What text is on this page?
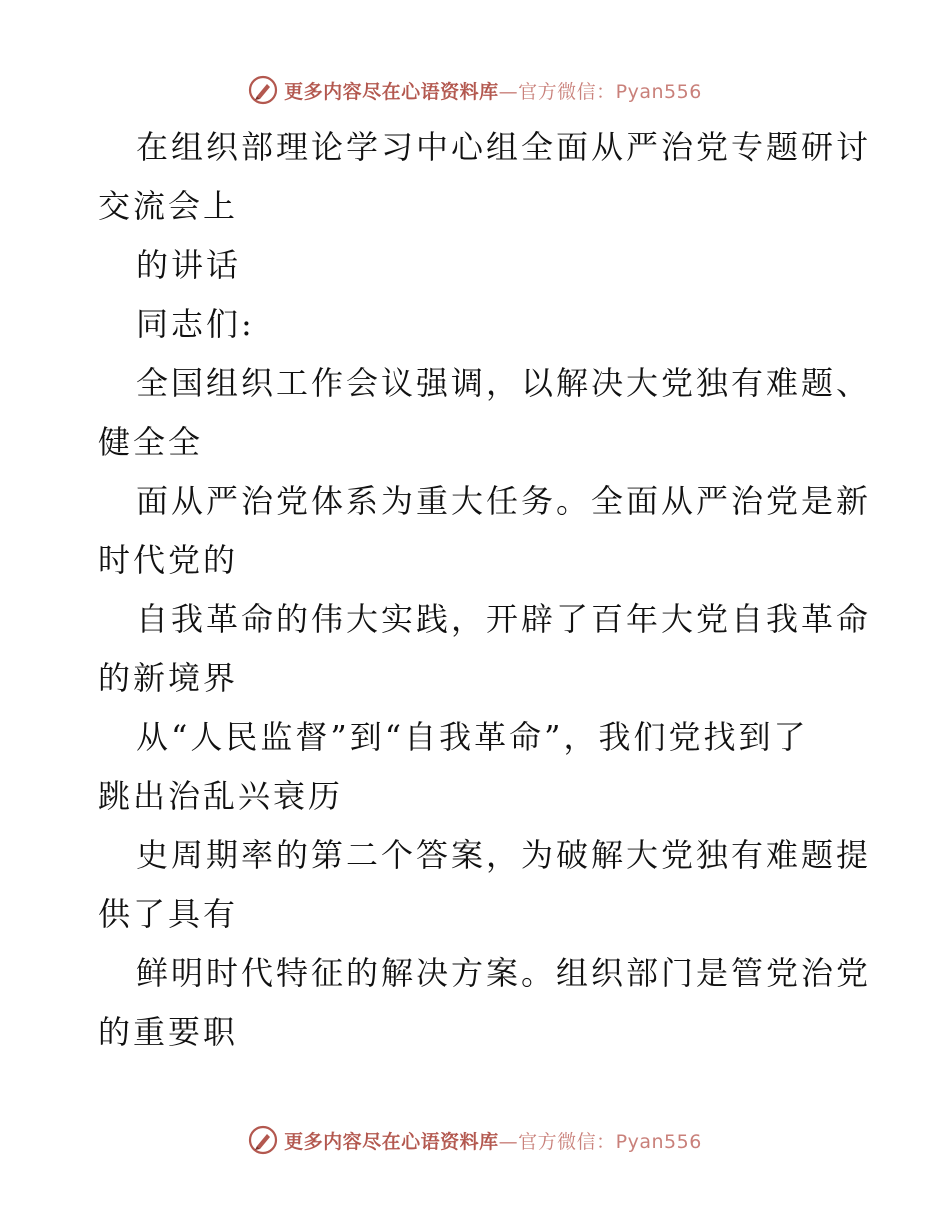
更多内容尽在心语资料库—官方微信：Pyan556
在组织部理论学习中心组全面从严治党专题研讨
交流会上
的讲话
同志们:
全国组织工作会议强调，以解决大党独有难题、
健全全
面从严治党体系为重大任务。全面从严治党是新
时代党的
自我革命的伟大实践，开辟了百年大党自我革命
的新境界
从“人民监督”到“自我革命”，我们党找到了
跳出治乱兴衰历
史周期率的第二个答案，为破解大党独有难题提
供了具有
鲜明时代特征的解决方案。组织部门是管党治党
的重要职
更多内容尽在心语资料库—官方微信：Pyan556
